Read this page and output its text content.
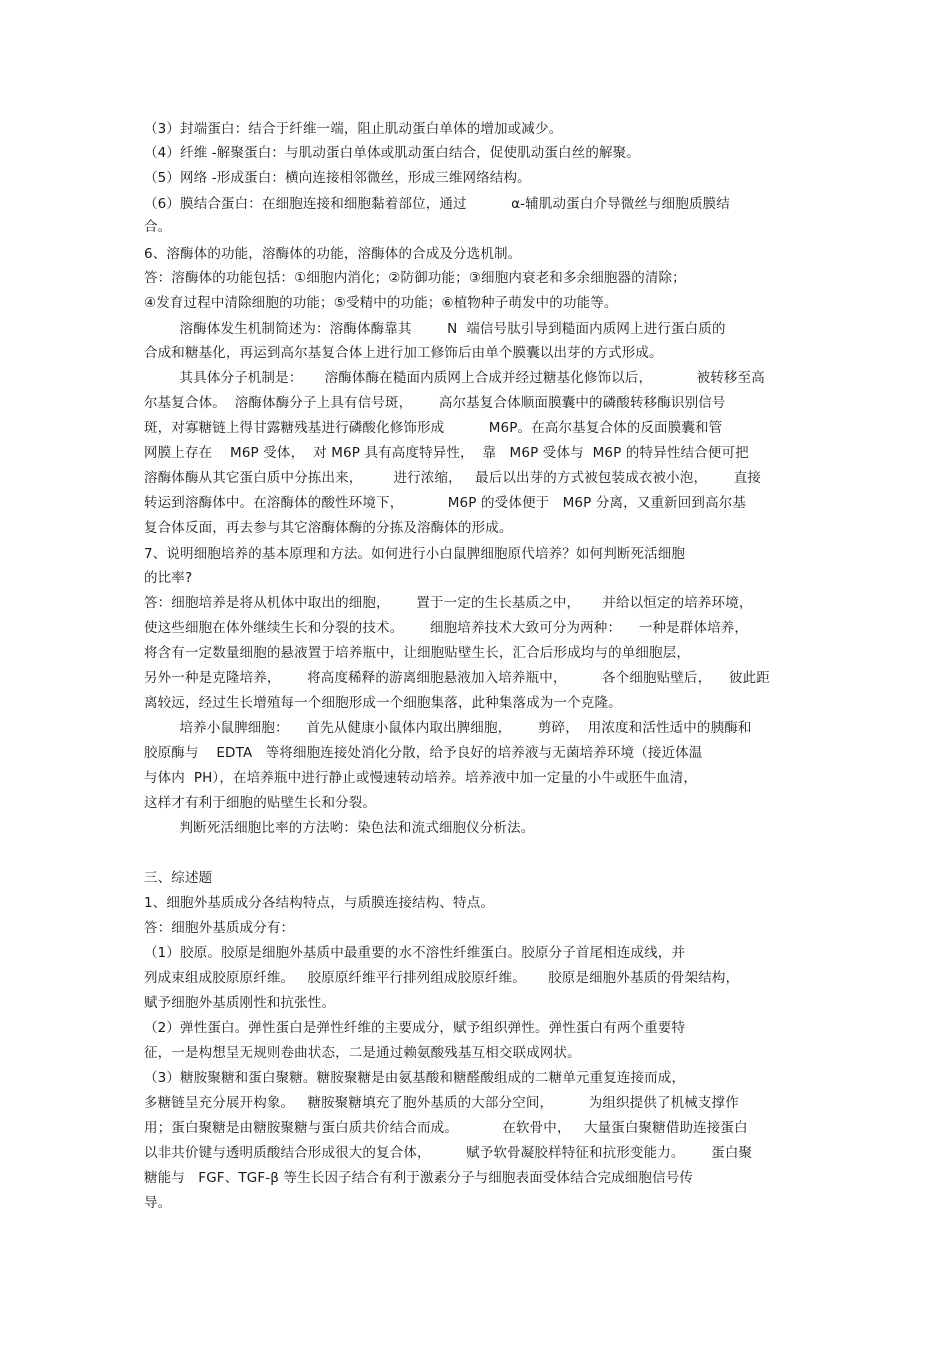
（3）封端蛋白：结合于纤维一端，阻止肌动蛋白单体的增加或减少。
（4）纤维 -解聚蛋白：与肌动蛋白单体或肌动蛋白结合，促使肌动蛋白丝的解聚。
（5）网络 -形成蛋白：横向连接相邻微丝，形成三维网络结构。
（6）膜结合蛋白：在细胞连接和细胞黏着部位，通过          α-辅肌动蛋白介导微丝与细胞质膜结
合。
6、溶酶体的功能，溶酶体的功能，溶酶体的合成及分选机制。
答：溶酶体的功能包括：①细胞内消化；②防御功能；③细胞内衰老和多余细胞器的清除；
④发育过程中清除细胞的功能；⑤受精中的功能；⑥植物种子萌发中的功能等。
溶酶体发生机制简述为：溶酶体酶靠其        N  端信号肽引导到糙面内质网上进行蛋白质的
合成和糖基化，再运到高尔基复合体上进行加工修饰后由单个膜囊以出芽的方式形成。
其具体分子机制是：     溶酶体酶在糙面内质网上合成并经过糖基化修饰以后，          被转移至高
尔基复合体。  溶酶体酶分子上具有信号斑，      高尔基复合体顺面膜囊中的磷酸转移酶识别信号
斑，对寡糖链上得甘露糖残基进行磷酸化修饰形成          M6P。在高尔基复合体的反面膜囊和管
网膜上存在    M6P 受体，  对 M6P 具有高度特异性，  靠   M6P 受体与  M6P 的特异性结合便可把
溶酶体酶从其它蛋白质中分拣出来，       进行浓缩，   最后以出芽的方式被包装成衣被小泡，      直接
转运到溶酶体中。在溶酶体的酸性环境下，          M6P 的受体便于   M6P 分离，又重新回到高尔基
复合体反面，再去参与其它溶酶体酶的分拣及溶酶体的形成。
7、说明细胞培养的基本原理和方法。如何进行小白鼠脾细胞原代培养？如何判断死活细胞
的比率?
答：细胞培养是将从机体中取出的细胞，      置于一定的生长基质之中，     并给以恒定的培养环境，
使这些细胞在体外继续生长和分裂的技术。      细胞培养技术大致可分为两种：    一种是群体培养，
将含有一定数量细胞的悬液置于培养瓶中，让细胞贴壁生长，汇合后形成均与的单细胞层，
另外一种是克隆培养，      将高度稀释的游离细胞悬液加入培养瓶中，        各个细胞贴壁后，    彼此距
离较远，经过生长增殖每一个细胞形成一个细胞集落，此种集落成为一个克隆。
培养小鼠脾细胞：    首先从健康小鼠体内取出脾细胞，      剪碎，  用浓度和活性适中的胰酶和
胶原酶与    EDTA   等将细胞连接处消化分散，给予良好的培养液与无菌培养环境（接近体温
与体内  PH），在培养瓶中进行静止或慢速转动培养。培养液中加一定量的小牛或胚牛血清，
这样才有利于细胞的贴壁生长和分裂。
判断死活细胞比率的方法哟：染色法和流式细胞仪分析法。
三、综述题
1、细胞外基质成分各结构特点，与质膜连接结构、特点。
答：细胞外基质成分有：
（1）胶原。胶原是细胞外基质中最重要的水不溶性纤维蛋白。胶原分子首尾相连成线，并
列成束组成胶原原纤维。   胶原原纤维平行排列组成胶原纤维。     胶原是细胞外基质的骨架结构，
赋予细胞外基质刚性和抗张性。
（2）弹性蛋白。弹性蛋白是弹性纤维的主要成分，赋予组织弹性。弹性蛋白有两个重要特
征，一是构想呈无规则卷曲状态，二是通过赖氨酸残基互相交联成网状。
（3）糖胺聚糖和蛋白聚糖。糖胺聚糖是由氨基酸和糖醛酸组成的二糖单元重复连接而成，
多糖链呈充分展开构象。   糖胺聚糖填充了胞外基质的大部分空间，        为组织提供了机械支撑作
用；蛋白聚糖是由糖胺聚糖与蛋白质共价结合而成。          在软骨中，   大量蛋白聚糖借助连接蛋白
以非共价键与透明质酸结合形成很大的复合体，        赋予软骨凝胶样特征和抗形变能力。      蛋白聚
糖能与   FGF、TGF-β 等生长因子结合有利于激素分子与细胞表面受体结合完成细胞信号传
导。
